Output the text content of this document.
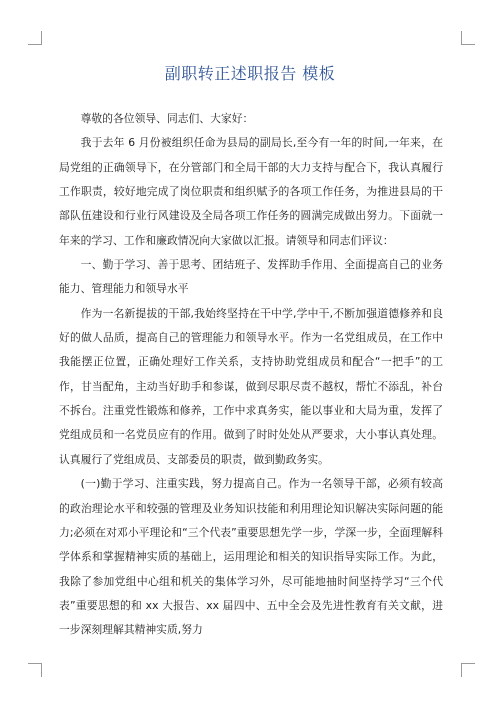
副职转正述职报告 模板

尊敬的各位领导、同志们、大家好：

我于去年 6 月份被组织任命为县局的副局长,至今有一年的时间,一年来，在局党组的正确领导下，在分管部门和全局干部的大力支持与配合下，我认真履行工作职责，较好地完成了岗位职责和组织赋予的各项工作任务，为推进县局的干部队伍建设和行业行风建设及全局各项工作任务的圆满完成做出努力。下面就一年来的学习、工作和廉政情况向大家做以汇报。请领导和同志们评议：

一、勤于学习、善于思考、团结班子、发挥助手作用、全面提高自己的业务能力、管理能力和领导水平

作为一名新提拔的干部,我始终坚持在干中学,学中干,不断加强道德修养和良好的做人品质，提高自己的管理能力和领导水平。作为一名党组成员，在工作中我能摆正位置，正确处理好工作关系，支持协助党组成员和配合“一把手”的工作，甘当配角，主动当好助手和参谋，做到尽职尽责不越权，帮忙不添乱，补台不拆台。注重党性锻炼和修养，工作中求真务实，能以事业和大局为重，发挥了党组成员和一名党员应有的作用。做到了时时处处从严要求，大小事认真处理。认真履行了党组成员、支部委员的职责，做到勤政务实。

(一)勤于学习、注重实践，努力提高自己。作为一名领导干部，必须有较高的政治理论水平和较强的管理及业务知识技能和利用理论知识解决实际问题的能力;必须在对邓小平理论和“三个代表”重要思想先学一步，学深一步，全面理解科学体系和掌握精神实质的基础上，运用理论和相关的知识指导实际工作。为此，我除了参加党组中心组和机关的集体学习外，尽可能地抽时间坚持学习“三个代表”重要思想的和 xx 大报告、xx 届四中、五中全会及先进性教育有关文献，进一步深刻理解其精神实质,努力
